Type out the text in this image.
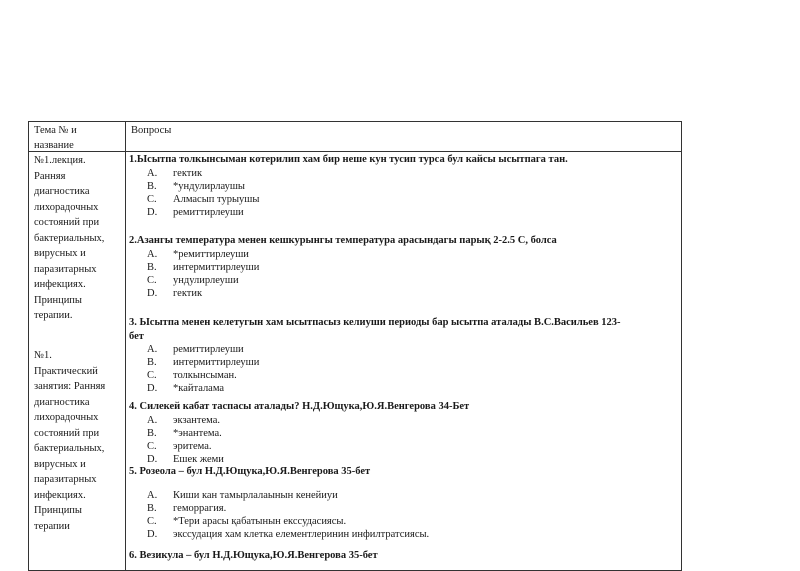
Тема № и
название
Вопросы
№1.лекция.
Ранняя
диагностика
лихорадочных
состояний при
бактериальных,
вирусных и
паразитарных
инфекциях.
Принципы
терапии.
№1.
Практический
занятия: Ранняя
диагностика
лихорадочных
состояний при
бактериальных,
вирусных и
паразитарных
инфекциях.
Принципы
терапии
1.Ысытпа толкынсыман котерилип хам бир неше кун тусип турса бул кайсы ысытпага тан.
A. гектик
B. *ундулирлаушы
C. Алмасып турыушы
D. ремиттирлеуши
2.Азангы температура менен кешкурынгы температура арасындагы парық 2-2.5 С, болса
A. *ремиттирлеуши
B. интермиттирлеуши
C. ундулирлеуши
D. гектик
3. Ысытпа менен келетугын хам ысытпасыз келиуши периоды бар ысытпа аталады В.С.Васильев 123-
бет
A. ремиттирлеуши
B. интермиттирлеуши
C. толкынсыман.
D. *кайталама
4. Силекей кабат таспасы аталады? Н.Д.Ющука,Ю.Я.Венгерова 34-Бет
A. экзантема.
B. *энантема.
C. эритема.
D. Ешек жеми
5. Розеола – бул Н.Д.Ющука,Ю.Я.Венгерова 35-бет
A. Киши кан тамырлалаынын кенейиуи
B. геморрагия.
C. *Тери арасы қабатынын екссудасиясы.
D. экссудация хам клетка елементлеринин инфилтратсиясы.
6. Везикула – бул Н.Д.Ющука,Ю.Я.Венгерова 35-бет
